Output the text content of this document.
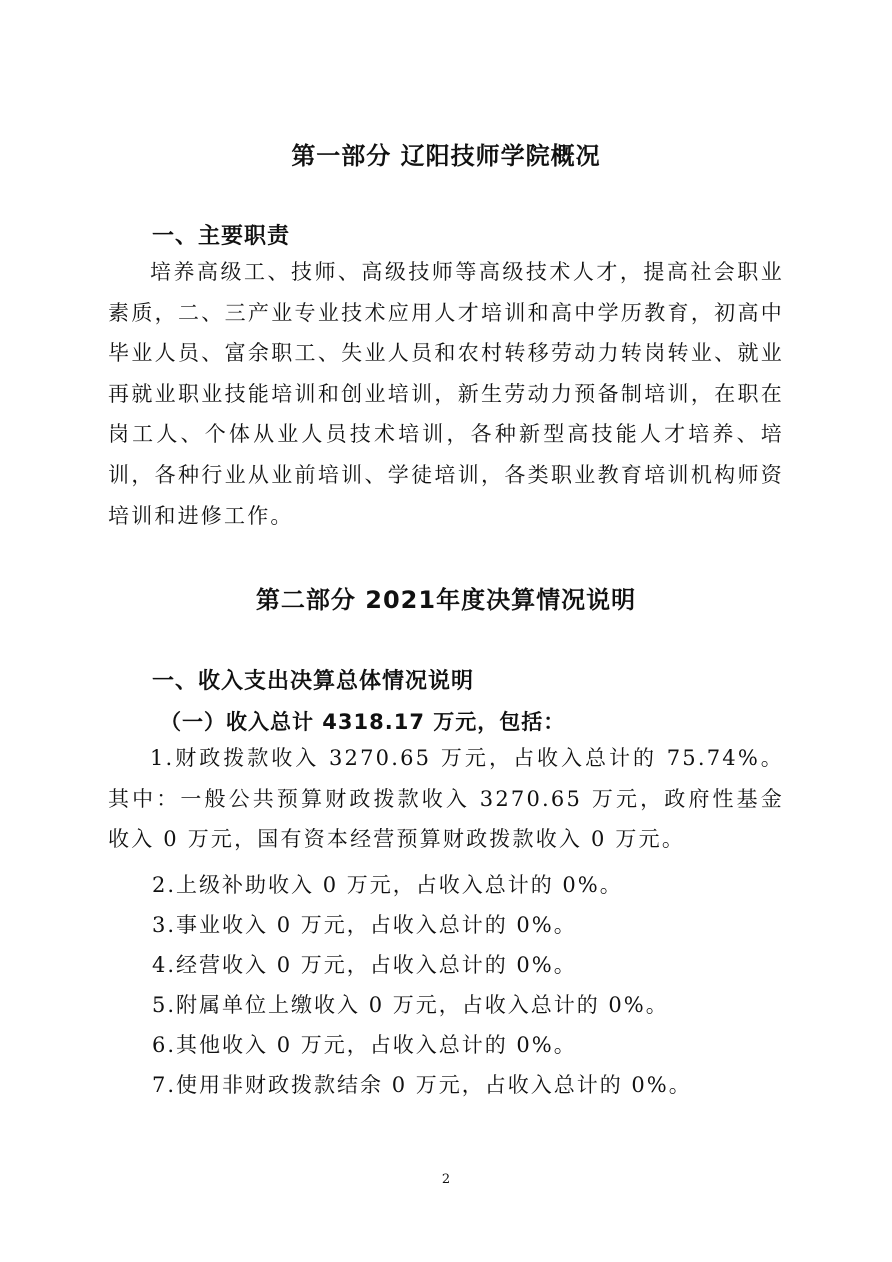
第一部分 辽阳技师学院概况
一、主要职责
培养高级工、技师、高级技师等高级技术人才，提高社会职业素质，二、三产业专业技术应用人才培训和高中学历教育，初高中毕业人员、富余职工、失业人员和农村转移劳动力转岗转业、就业再就业职业技能培训和创业培训，新生劳动力预备制培训，在职在岗工人、个体从业人员技术培训，各种新型高技能人才培养、培训，各种行业从业前培训、学徒培训，各类职业教育培训机构师资培训和进修工作。
第二部分 2021年度决算情况说明
一、收入支出决算总体情况说明
（一）收入总计 4318.17 万元，包括：
1.财政拨款收入 3270.65 万元，占收入总计的 75.74%。其中：一般公共预算财政拨款收入 3270.65 万元，政府性基金收入 0 万元，国有资本经营预算财政拨款收入 0 万元。
2.上级补助收入 0 万元，占收入总计的 0%。
3.事业收入 0 万元，占收入总计的 0%。
4.经营收入 0 万元，占收入总计的 0%。
5.附属单位上缴收入 0 万元，占收入总计的 0%。
6.其他收入 0 万元，占收入总计的 0%。
7.使用非财政拨款结余 0 万元，占收入总计的 0%。
2
